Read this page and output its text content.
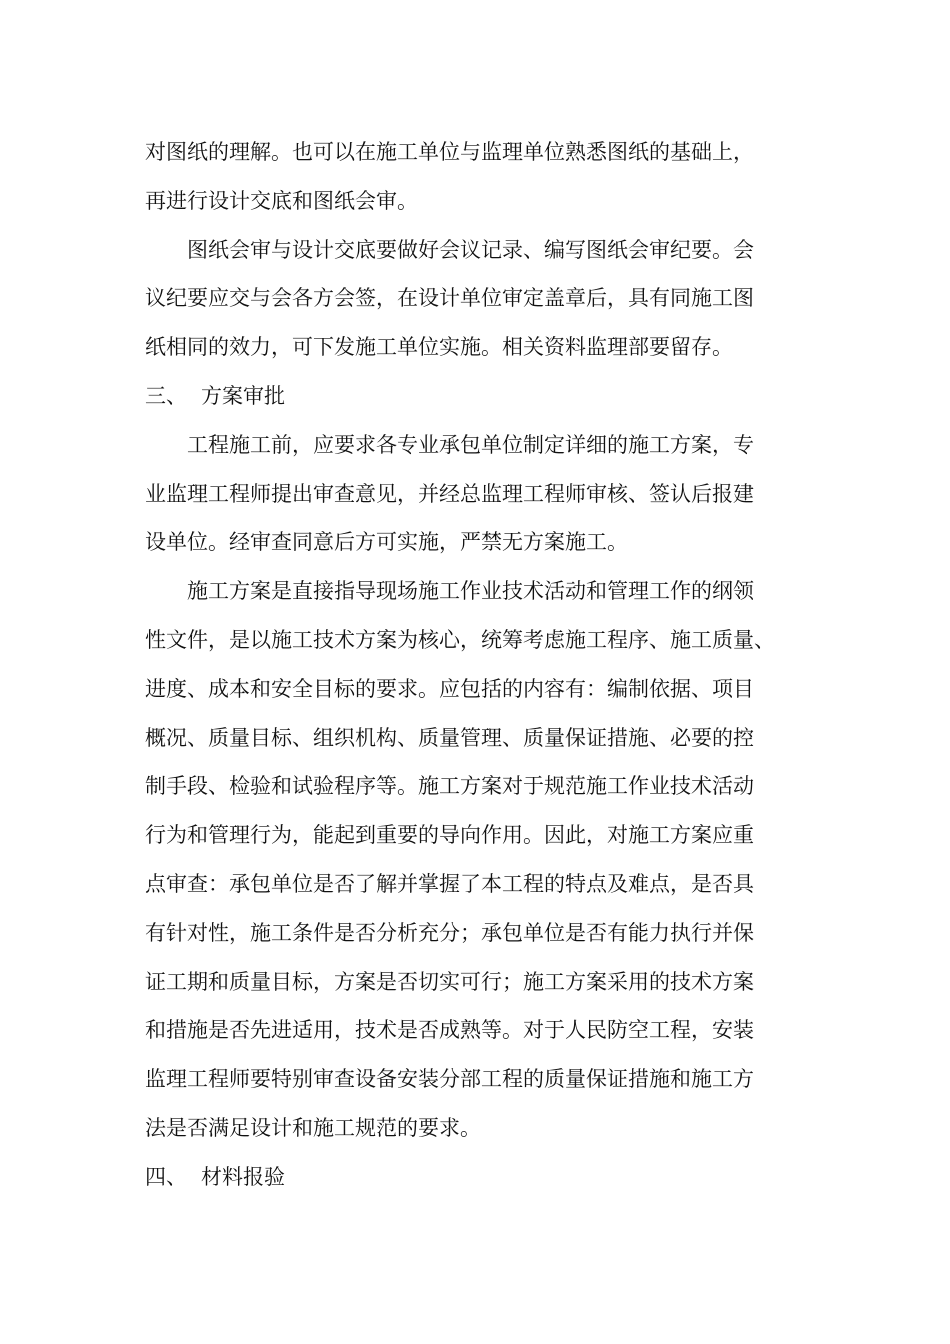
对图纸的理解。也可以在施工单位与监理单位熟悉图纸的基础上，
再进行设计交底和图纸会审。
图纸会审与设计交底要做好会议记录、编写图纸会审纪要。会
议纪要应交与会各方会签，在设计单位审定盖章后，具有同施工图
纸相同的效力，可下发施工单位实施。相关资料监理部要留存。
三、 方案审批
工程施工前，应要求各专业承包单位制定详细的施工方案，专
业监理工程师提出审查意见，并经总监理工程师审核、签认后报建
设单位。经审查同意后方可实施，严禁无方案施工。
施工方案是直接指导现场施工作业技术活动和管理工作的纲领
性文件，是以施工技术方案为核心，统筹考虑施工程序、施工质量、
进度、成本和安全目标的要求。应包括的内容有：编制依据、项目
概况、质量目标、组织机构、质量管理、质量保证措施、必要的控
制手段、检验和试验程序等。施工方案对于规范施工作业技术活动
行为和管理行为，能起到重要的导向作用。因此，对施工方案应重
点审查：承包单位是否了解并掌握了本工程的特点及难点，是否具
有针对性，施工条件是否分析充分；承包单位是否有能力执行并保
证工期和质量目标，方案是否切实可行；施工方案采用的技术方案
和措施是否先进适用，技术是否成熟等。对于人民防空工程，安装
监理工程师要特别审查设备安装分部工程的质量保证措施和施工方
法是否满足设计和施工规范的要求。
四、 材料报验
